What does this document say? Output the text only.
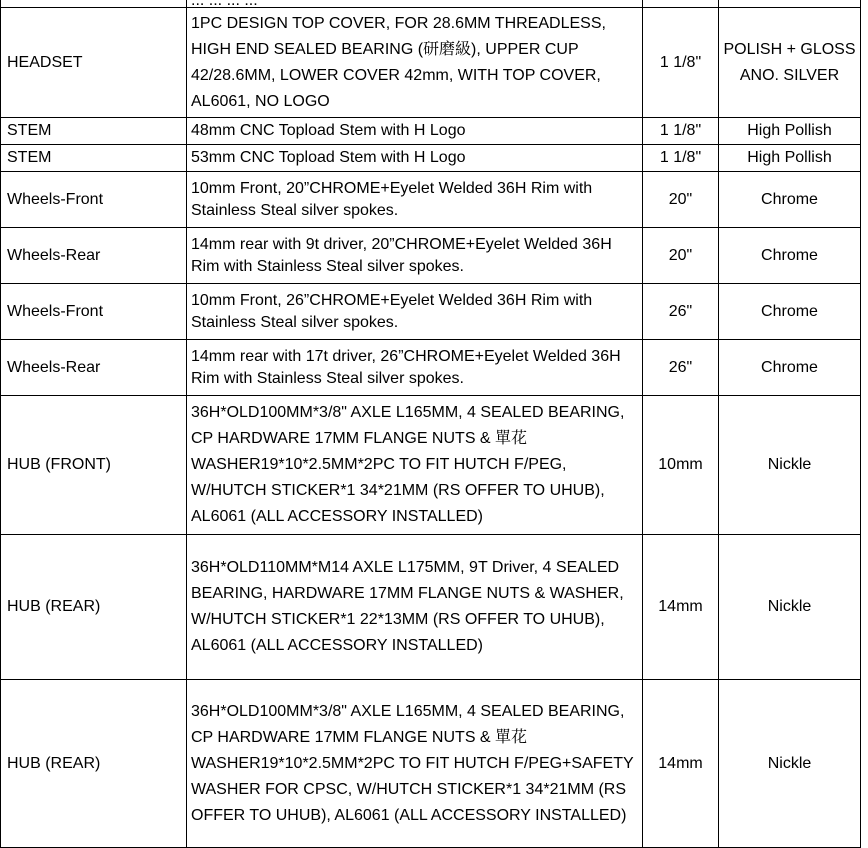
HEADSET	1PC DESIGN TOP COVER, FOR 28.6MM THREADLESS, HIGH END SEALED BEARING (研磨級), UPPER CUP 42/28.6MM, LOWER COVER 42mm, WITH TOP COVER, AL6061, NO LOGO	1 1/8"	POLISH + GLOSS ANO. SILVER
STEM	48mm CNC Topload Stem with H Logo	1 1/8"	High Pollish
STEM	53mm CNC Topload Stem with H Logo	1 1/8"	High Pollish
Wheels-Front	10mm Front, 20”CHROME+Eyelet Welded 36H Rim with Stainless Steal silver spokes.	20"	Chrome
Wheels-Rear	14mm rear with 9t driver, 20”CHROME+Eyelet Welded 36H Rim with Stainless Steal silver spokes.	20"	Chrome
Wheels-Front	10mm Front, 26”CHROME+Eyelet Welded 36H Rim with Stainless Steal silver spokes.	26"	Chrome
Wheels-Rear	14mm rear with 17t driver, 26”CHROME+Eyelet Welded 36H Rim with Stainless Steal silver spokes.	26"	Chrome
HUB (FRONT)	36H*OLD100MM*3/8" AXLE L165MM, 4 SEALED BEARING, CP HARDWARE 17MM FLANGE NUTS & 單花WASHER19*10*2.5MM*2PC TO FIT HUTCH F/PEG, W/HUTCH STICKER*1 34*21MM (RS OFFER TO UHUB), AL6061 (ALL ACCESSORY INSTALLED)	10mm	Nickle
HUB (REAR)	36H*OLD110MM*M14 AXLE L175MM, 9T Driver, 4 SEALED BEARING, HARDWARE 17MM FLANGE NUTS & WASHER, W/HUTCH STICKER*1 22*13MM (RS OFFER TO UHUB), AL6061 (ALL ACCESSORY INSTALLED)	14mm	Nickle
HUB (REAR)	36H*OLD100MM*3/8" AXLE L165MM, 4 SEALED BEARING, CP HARDWARE 17MM FLANGE NUTS & 單花WASHER19*10*2.5MM*2PC TO FIT HUTCH F/PEG+SAFETY WASHER FOR CPSC, W/HUTCH STICKER*1 34*21MM (RS OFFER TO UHUB), AL6061 (ALL ACCESSORY INSTALLED)	14mm	Nickle
